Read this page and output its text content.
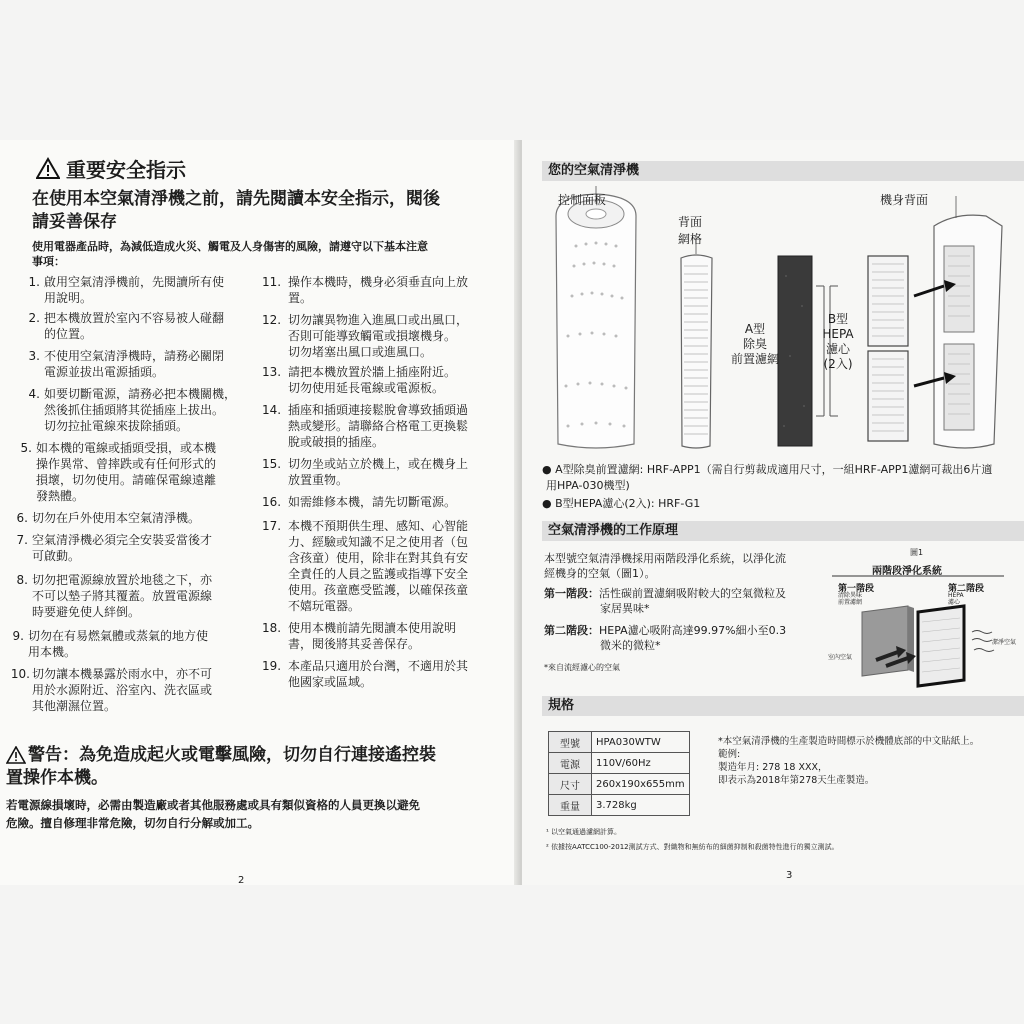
重要安全指示
在使用本空氣清淨機之前，請先閱讀本安全指示，閱後
請妥善保存
使用電器產品時，為減低造成火災、觸電及人身傷害的風險，請遵守以下基本注意
事項：
1. 啟用空氣清淨機前，先閱讀所有使
用說明。
2. 把本機放置於室內不容易被人碰翻
的位置。
3. 不使用空氣清淨機時，請務必關閉
電源並拔出電源插頭。
4. 如要切斷電源，請務必把本機關機，
然後抓住插頭將其從插座上拔出。
切勿拉扯電線來拔除插頭。
5. 如本機的電線或插頭受損，或本機
操作異常、曾摔跌或有任何形式的
損壞，切勿使用。請確保電線遠離
發熱體。
6. 切勿在戶外使用本空氣清淨機。
7. 空氣清淨機必須完全安裝妥當後才
可啟動。
8. 切勿把電源線放置於地毯之下，亦
不可以墊子將其覆蓋。放置電源線
時要避免使人絆倒。
9. 切勿在有易燃氣體或蒸氣的地方使
用本機。
10. 切勿讓本機暴露於雨水中，亦不可
用於水源附近、浴室內、洗衣區或
其他潮濕位置。
11. 操作本機時，機身必須垂直向上放
置。
12. 切勿讓異物進入進風口或出風口，
否則可能導致觸電或損壞機身。
切勿堵塞出風口或進風口。
13. 請把本機放置於牆上插座附近。
切勿使用延長電線或電源板。
14. 插座和插頭連接鬆脫會導致插頭過
熱或變形。請聯絡合格電工更換鬆
脫或破損的插座。
15. 切勿坐或站立於機上，或在機身上
放置重物。
16. 如需維修本機，請先切斷電源。
17. 本機不預期供生理、感知、心智能
力、經驗或知識不足之使用者（包
含孩童）使用，除非在對其負有安
全責任的人員之監護或指導下安全
使用。孩童應受監護，以確保孩童
不嬉玩電器。
18. 使用本機前請先閱讀本使用說明
書，閱後將其妥善保存。
19. 本產品只適用於台灣，不適用於其
他國家或區域。
警告：為免造成起火或電擊風險，切勿自行連接遙控裝
置操作本機。
若電源線損壞時，必需由製造廠或者其他服務處或具有類似資格的人員更換以避免
危險。擅自修理非常危險，切勿自行分解或加工。
2
您的空氣清淨機
控制面板
背面
網格
機身背面
A型
除臭
前置濾網
B型
HEPA
濾心
(2入)
● A型除臭前置濾網: HRF-APP1（需自行剪裁成適用尺寸，一組HRF-APP1濾網可裁出6片適
用HPA-030機型)
● B型HEPA濾心(2入): HRF-G1
空氣清淨機的工作原理
本型號空氣清淨機採用兩階段淨化系統，以淨化流
經機身的空氣（圖1）。
第一階段：活性碳前置濾網吸附較大的空氣微粒及
家居異味*
第二階段：HEPA濾心吸附高達99.97%細小至0.3
微米的微粒*
*來自流經濾心的空氣
圖1
兩階段淨化系統
第一階段
清除異味
前置濾網
第二階段
HEPA
濾心
潔淨空氣
室內空氣
規格
型號	HPA030WTW
電源	110V/60Hz
尺寸	260x190x655mm
重量	3.728kg
*本空氣清淨機的生產製造時間標示於機體底部的中文貼紙上。
範例:
製造年月: 278 18 XXX，
即表示為2018年第278天生產製造。
¹ 以空氣通過濾網計算。
² 依據按AATCC100-2012測試方式、對織物和無紡布的細菌抑制和殺菌特性進行的獨立測試。
3
